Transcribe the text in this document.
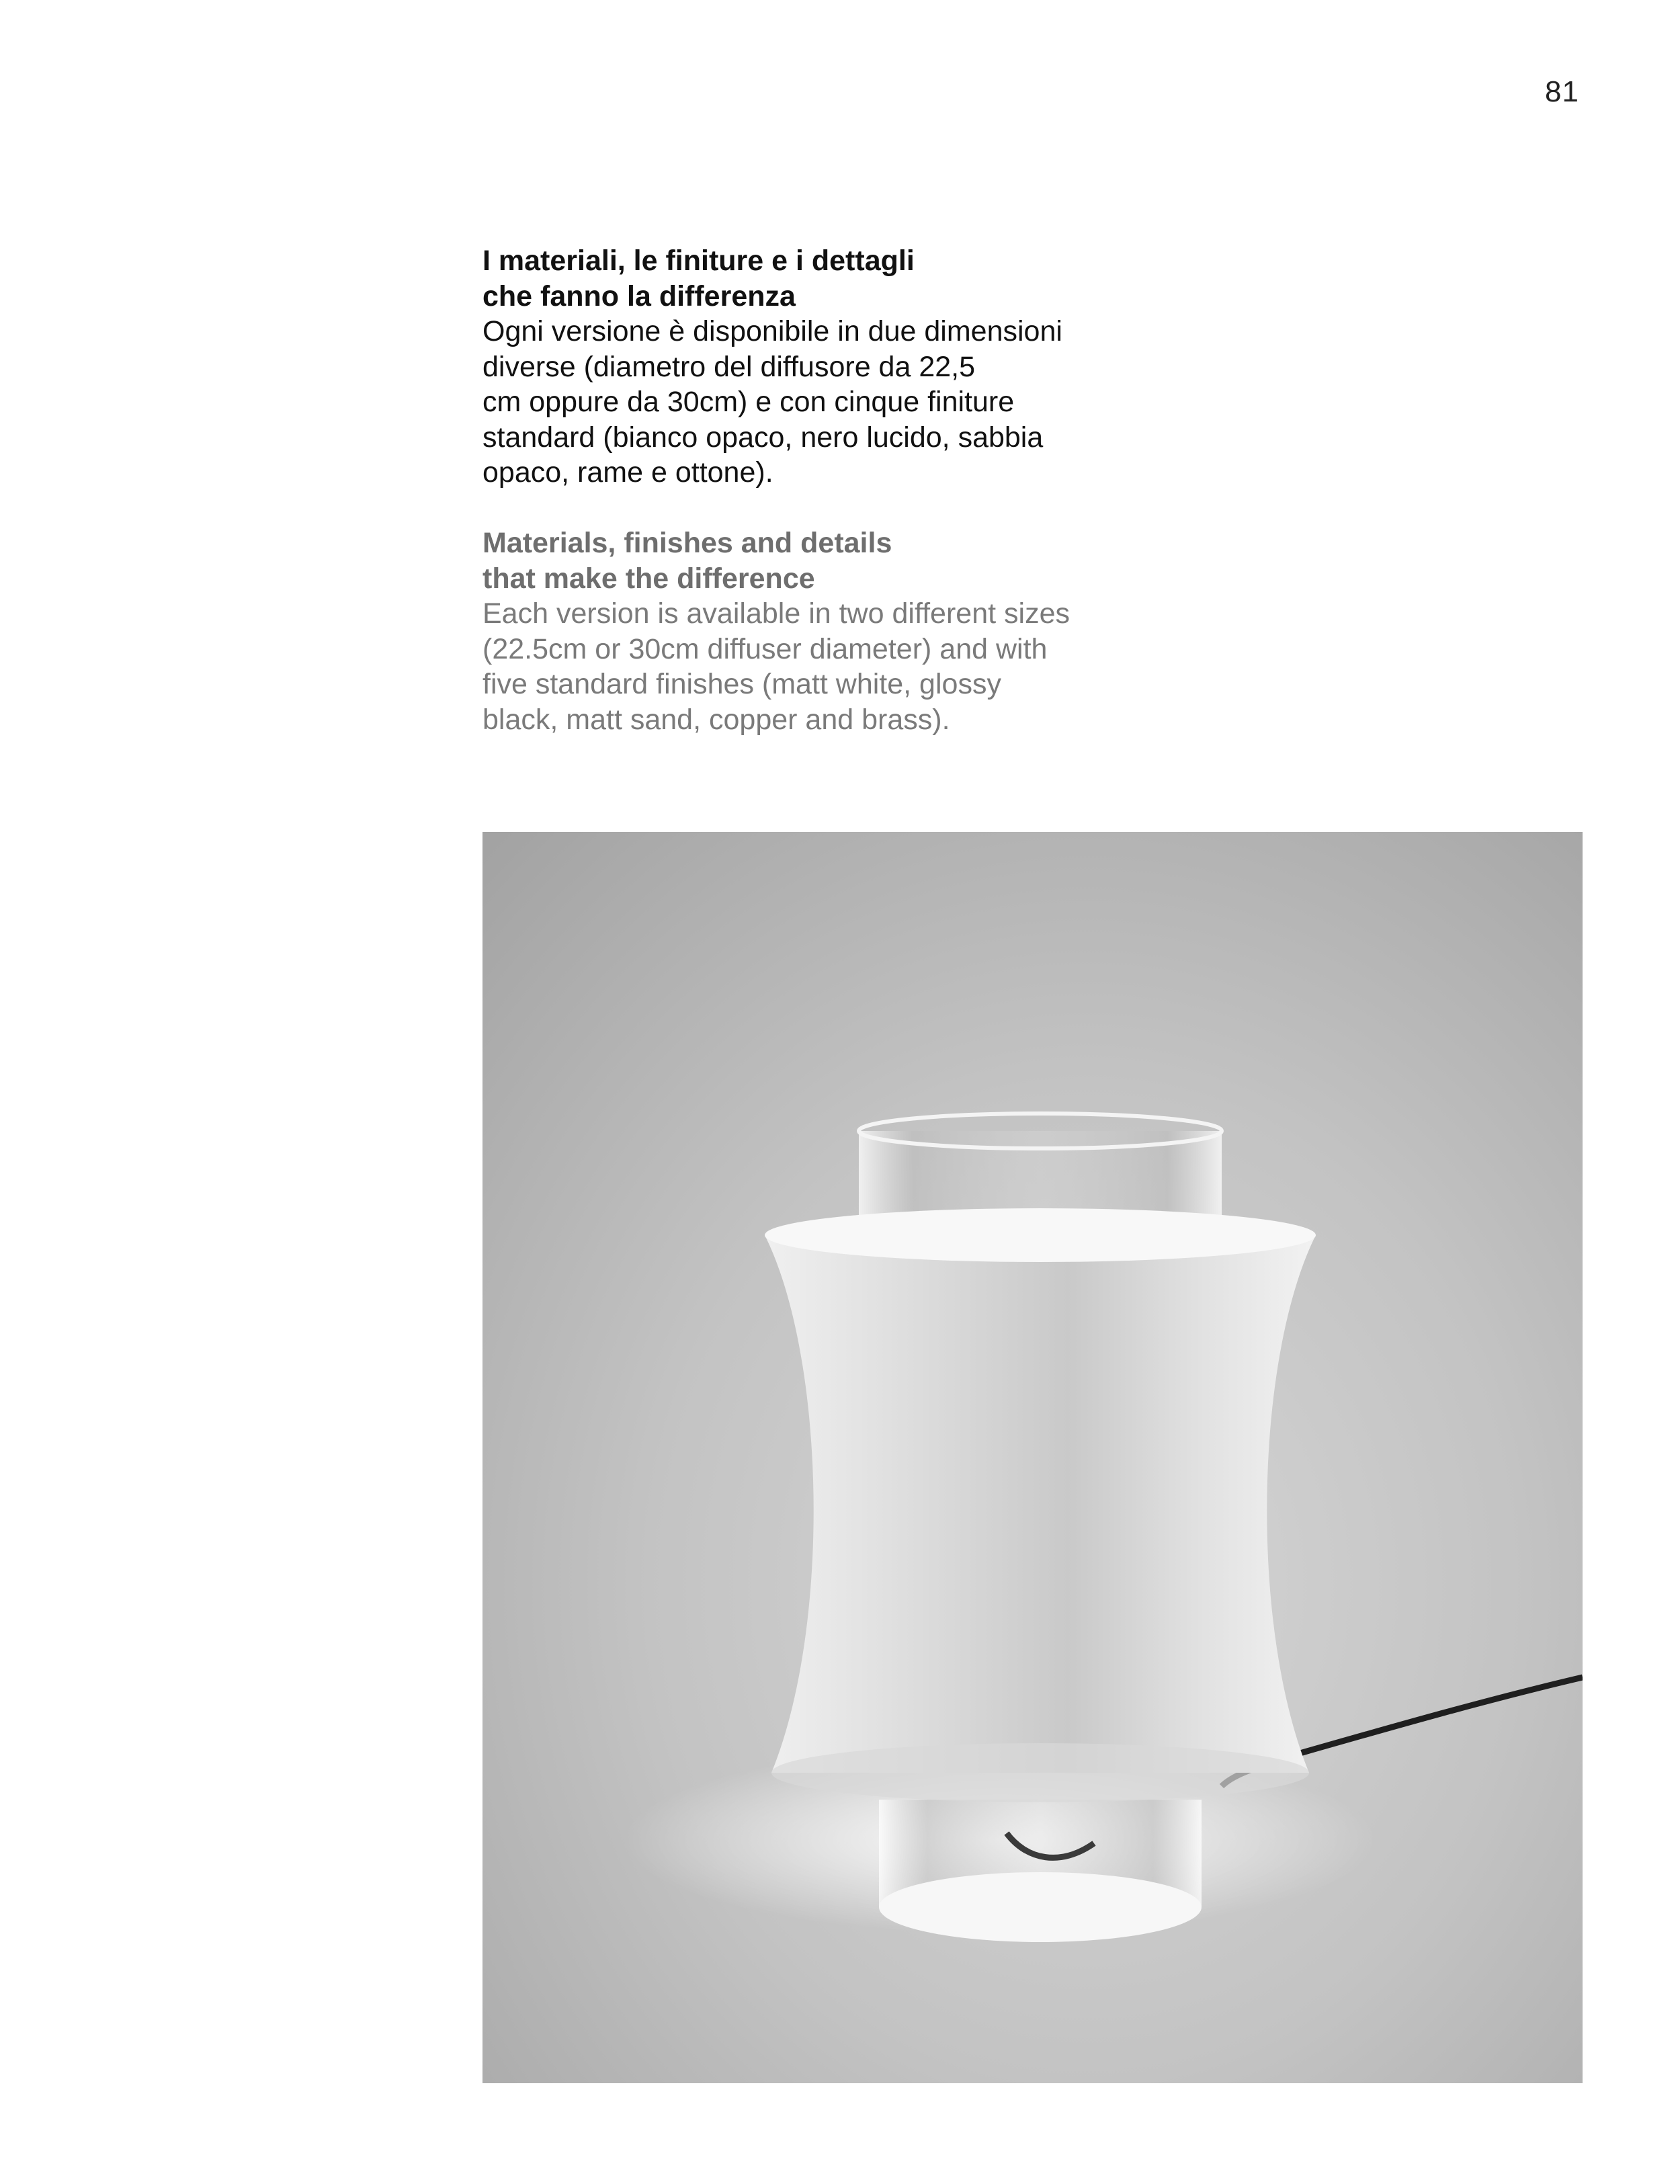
81
I materiali, le finiture e i dettagli
che fanno la differenza
Ogni versione è disponibile in due dimensioni
diverse (diametro del diffusore da 22,5
cm oppure da 30cm) e con cinque finiture
standard (bianco opaco, nero lucido, sabbia
opaco, rame e ottone).
Materials, finishes and details
that make the difference
Each version is available in two different sizes
(22.5cm or 30cm diffuser diameter) and with
five standard finishes (matt white, glossy
black, matt sand, copper and brass).
